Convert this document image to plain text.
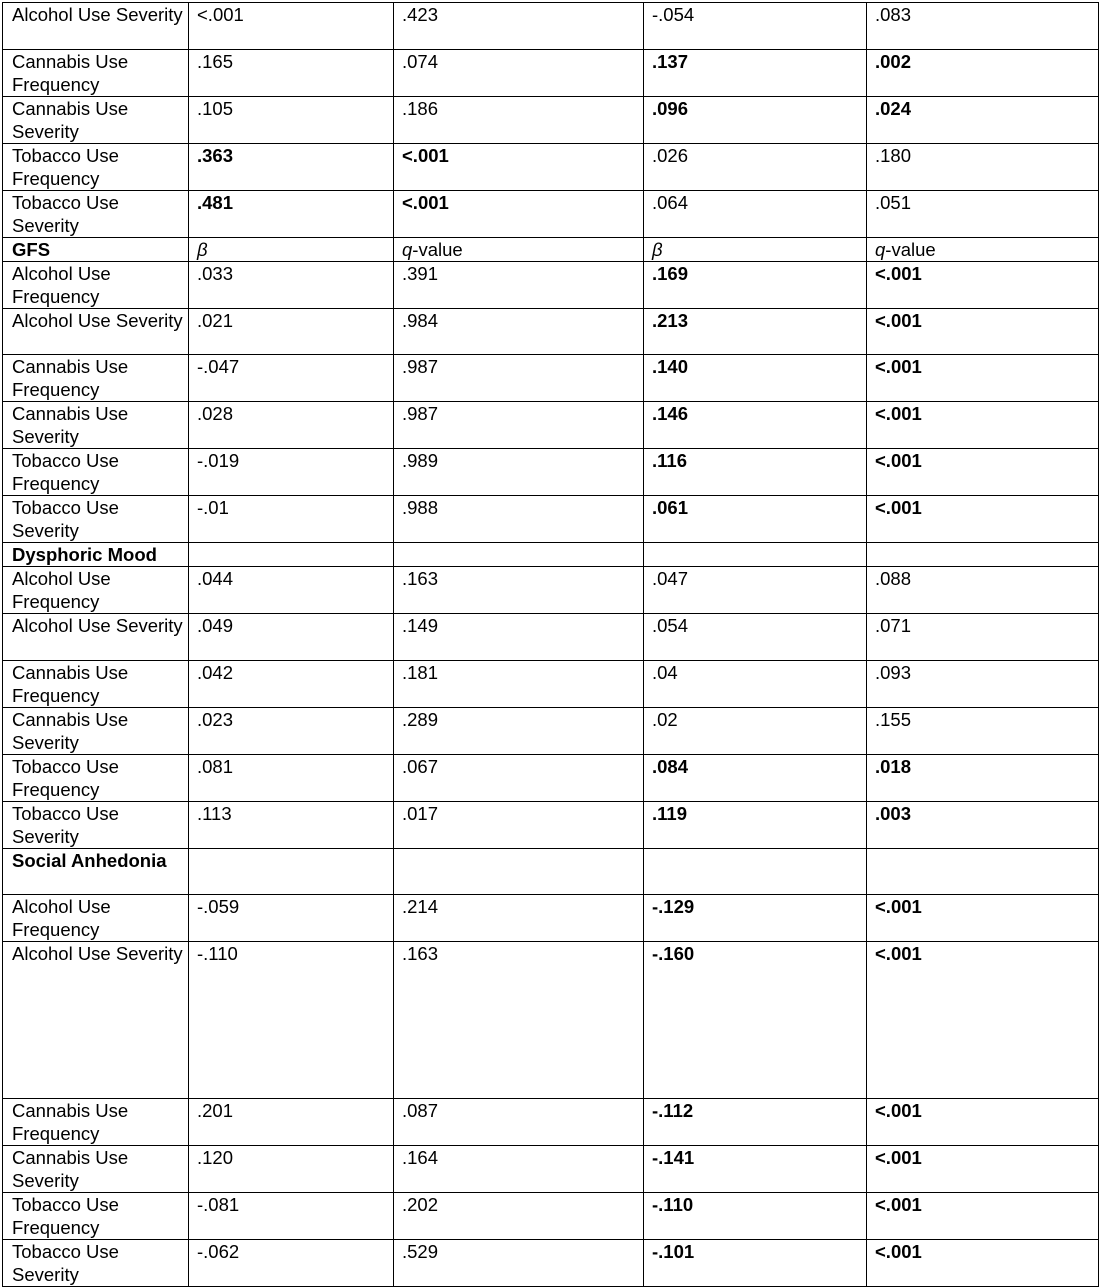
Alcohol Use Severity	<.001	.423	-.054	.083
Cannabis Use Frequency	.165	.074	.137	.002
Cannabis Use Severity	.105	.186	.096	.024
Tobacco Use Frequency	.363	<.001	.026	.180
Tobacco Use Severity	.481	<.001	.064	.051
GFS	β	q-value	β	q-value
Alcohol Use Frequency	.033	.391	.169	<.001
Alcohol Use Severity	.021	.984	.213	<.001
Cannabis Use Frequency	-.047	.987	.140	<.001
Cannabis Use Severity	.028	.987	.146	<.001
Tobacco Use Frequency	-.019	.989	.116	<.001
Tobacco Use Severity	-.01	.988	.061	<.001
Dysphoric Mood				
Alcohol Use Frequency	.044	.163	.047	.088
Alcohol Use Severity	.049	.149	.054	.071
Cannabis Use Frequency	.042	.181	.04	.093
Cannabis Use Severity	.023	.289	.02	.155
Tobacco Use Frequency	.081	.067	.084	.018
Tobacco Use Severity	.113	.017	.119	.003
Social Anhedonia				
Alcohol Use Frequency	-.059	.214	-.129	<.001
Alcohol Use Severity	-.110	.163	-.160	<.001
Cannabis Use Frequency	.201	.087	-.112	<.001
Cannabis Use Severity	.120	.164	-.141	<.001
Tobacco Use Frequency	-.081	.202	-.110	<.001
Tobacco Use Severity	-.062	.529	-.101	<.001
